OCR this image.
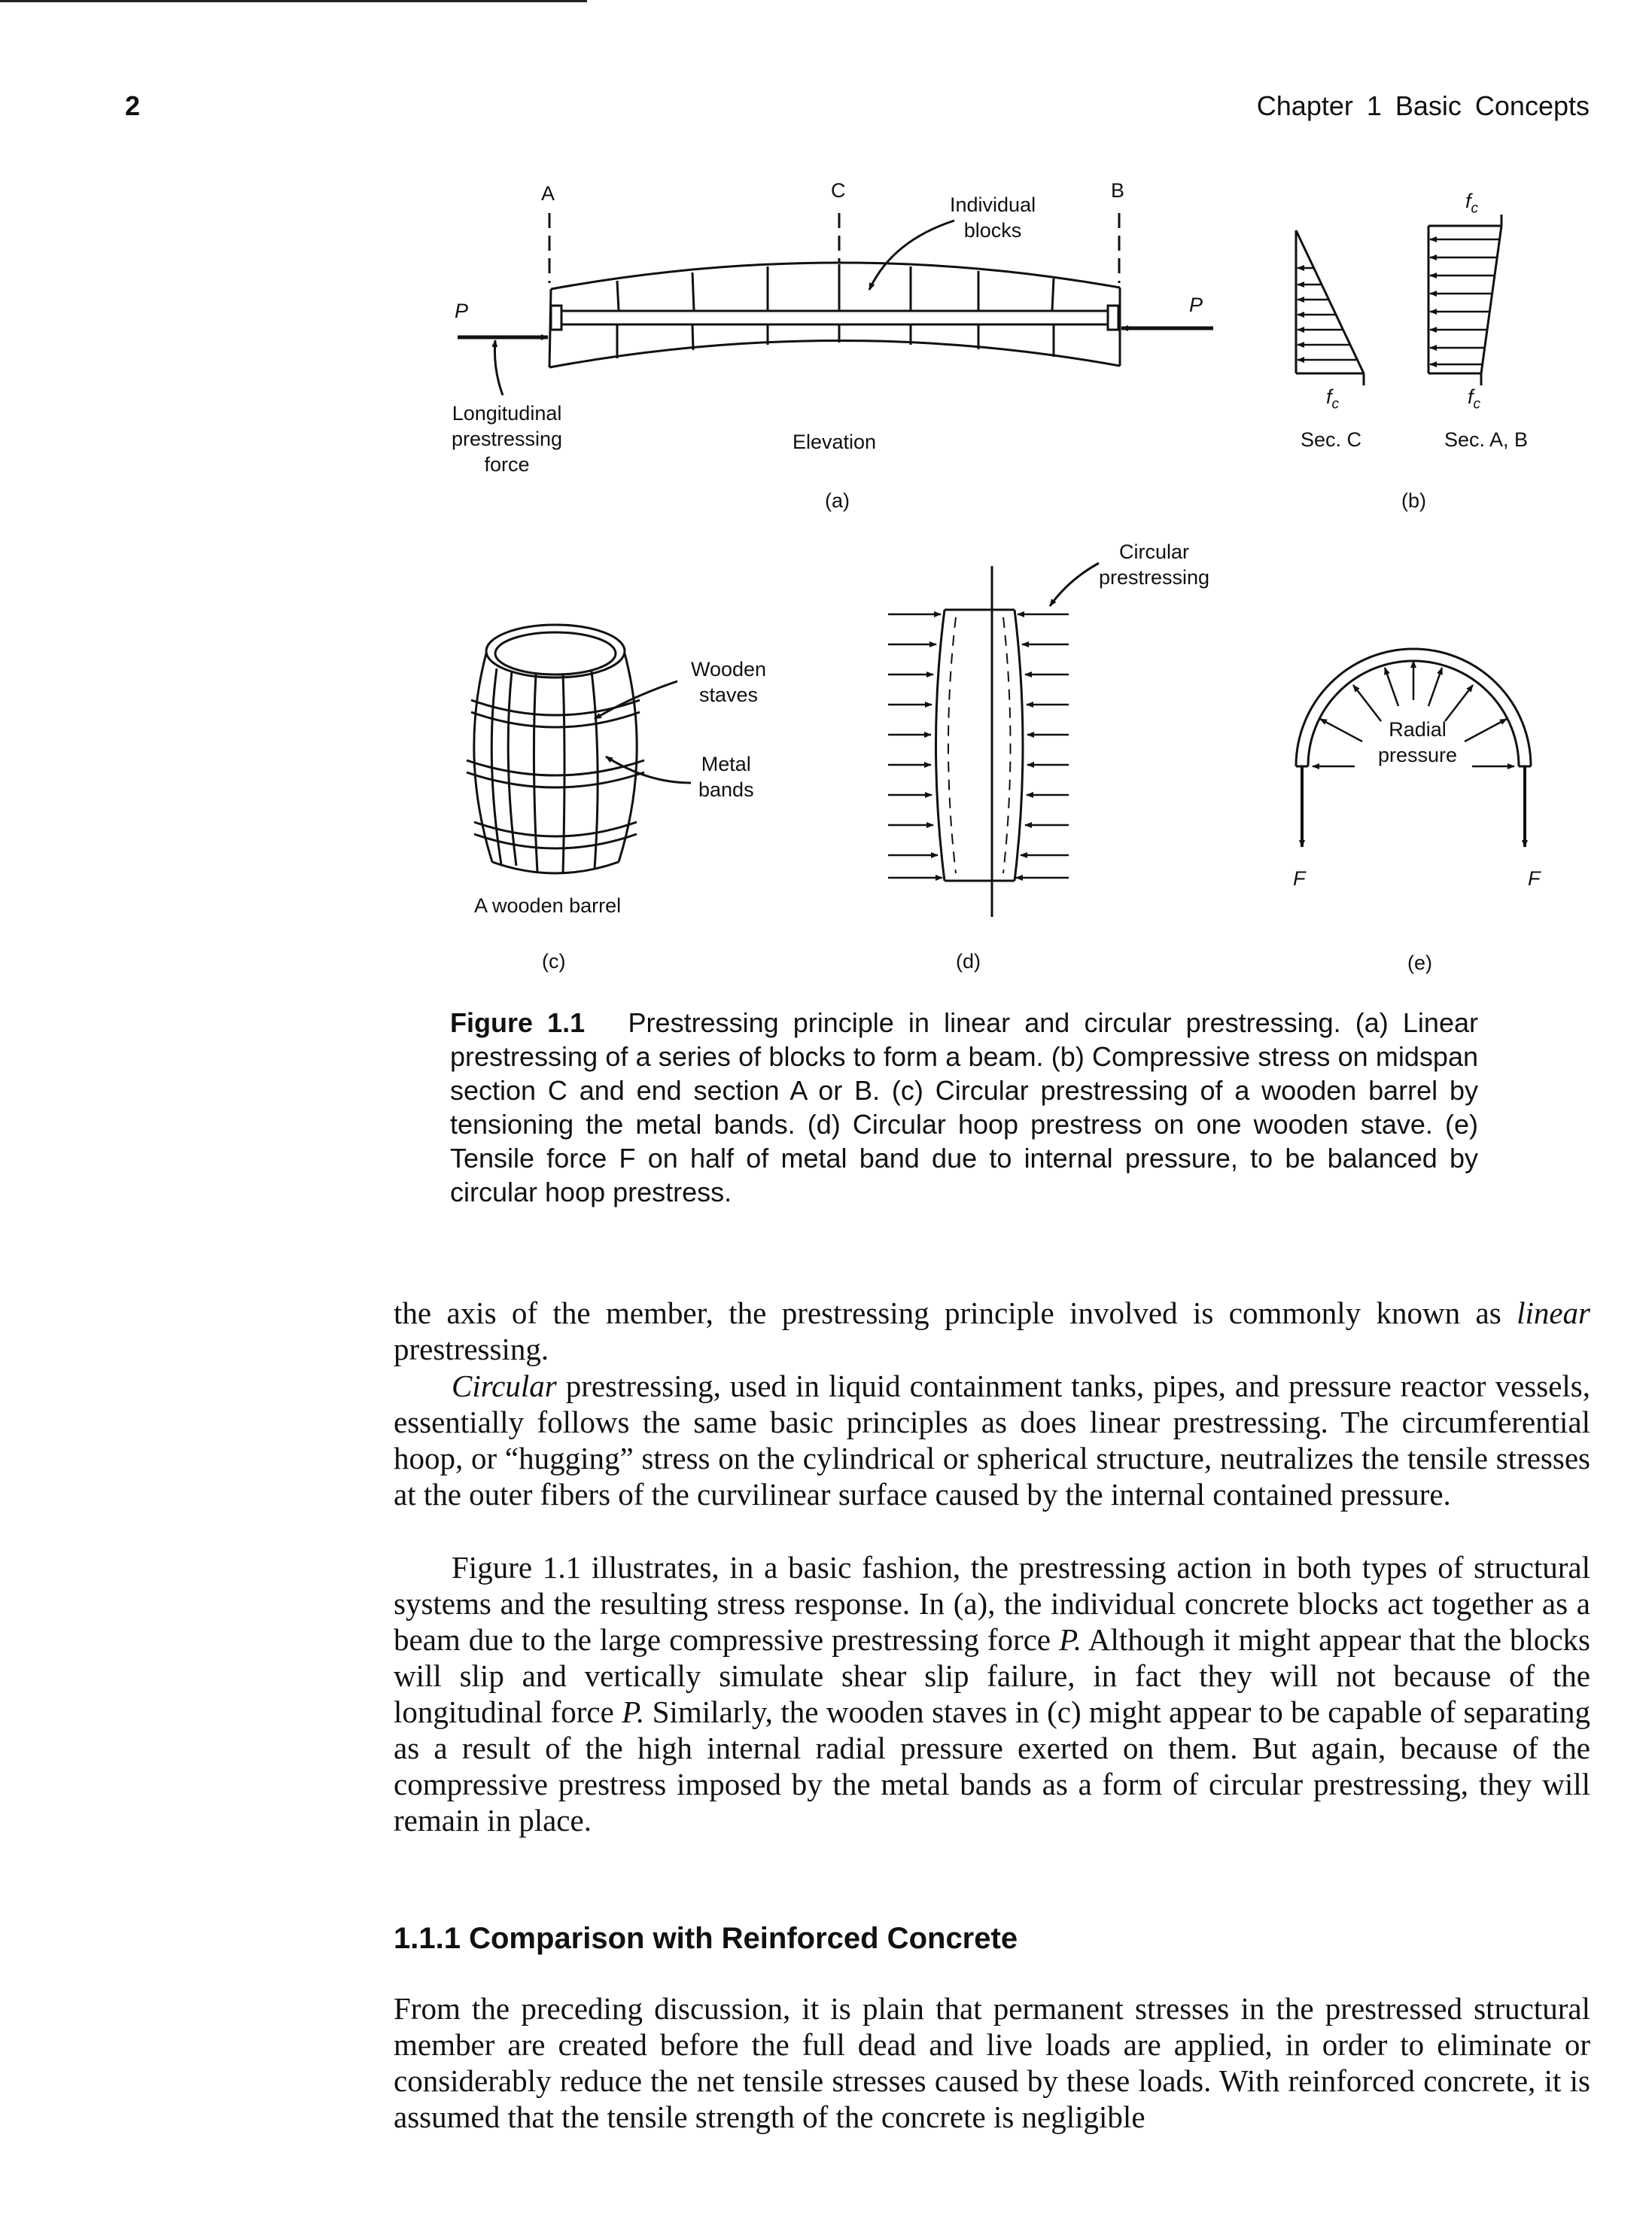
2	Chapter 1 Basic Concepts
A	C	B
Individual
blocks
P	P
Longitudinal
prestressing
force
Elevation
(a)
$f_c$
$f_c$	$f_c$
Sec. C	Sec. A, B
(b)
Wooden
staves
Metal
bands
A wooden barrel
(c)
Circular
prestressing
(d)
Radial
pressure
F	F
(e)
Figure 1.1 Prestressing principle in linear and circular prestressing. (a) Linear prestressing of a series of blocks to form a beam. (b) Compressive stress on midspan section C and end section A or B. (c) Circular prestressing of a wooden barrel by tensioning the metal bands. (d) Circular hoop prestress on one wooden stave. (e) Tensile force F on half of metal band due to internal pressure, to be balanced by circular hoop prestress.
the axis of the member, the prestressing principle involved is commonly known as linear prestressing.
Circular prestressing, used in liquid containment tanks, pipes, and pressure reactor vessels, essentially follows the same basic principles as does linear prestressing. The circumferential hoop, or “hugging” stress on the cylindrical or spherical structure, neutralizes the tensile stresses at the outer fibers of the curvilinear surface caused by the internal contained pressure.
Figure 1.1 illustrates, in a basic fashion, the prestressing action in both types of structural systems and the resulting stress response. In (a), the individual concrete blocks act together as a beam due to the large compressive prestressing force P. Although it might appear that the blocks will slip and vertically simulate shear slip failure, in fact they will not because of the longitudinal force P. Similarly, the wooden staves in (c) might appear to be capable of separating as a result of the high internal radial pressure exerted on them. But again, because of the compressive prestress imposed by the metal bands as a form of circular prestressing, they will remain in place.
1.1.1 Comparison with Reinforced Concrete
From the preceding discussion, it is plain that permanent stresses in the prestressed structural member are created before the full dead and live loads are applied, in order to eliminate or considerably reduce the net tensile stresses caused by these loads. With reinforced concrete, it is assumed that the tensile strength of the concrete is negligible
